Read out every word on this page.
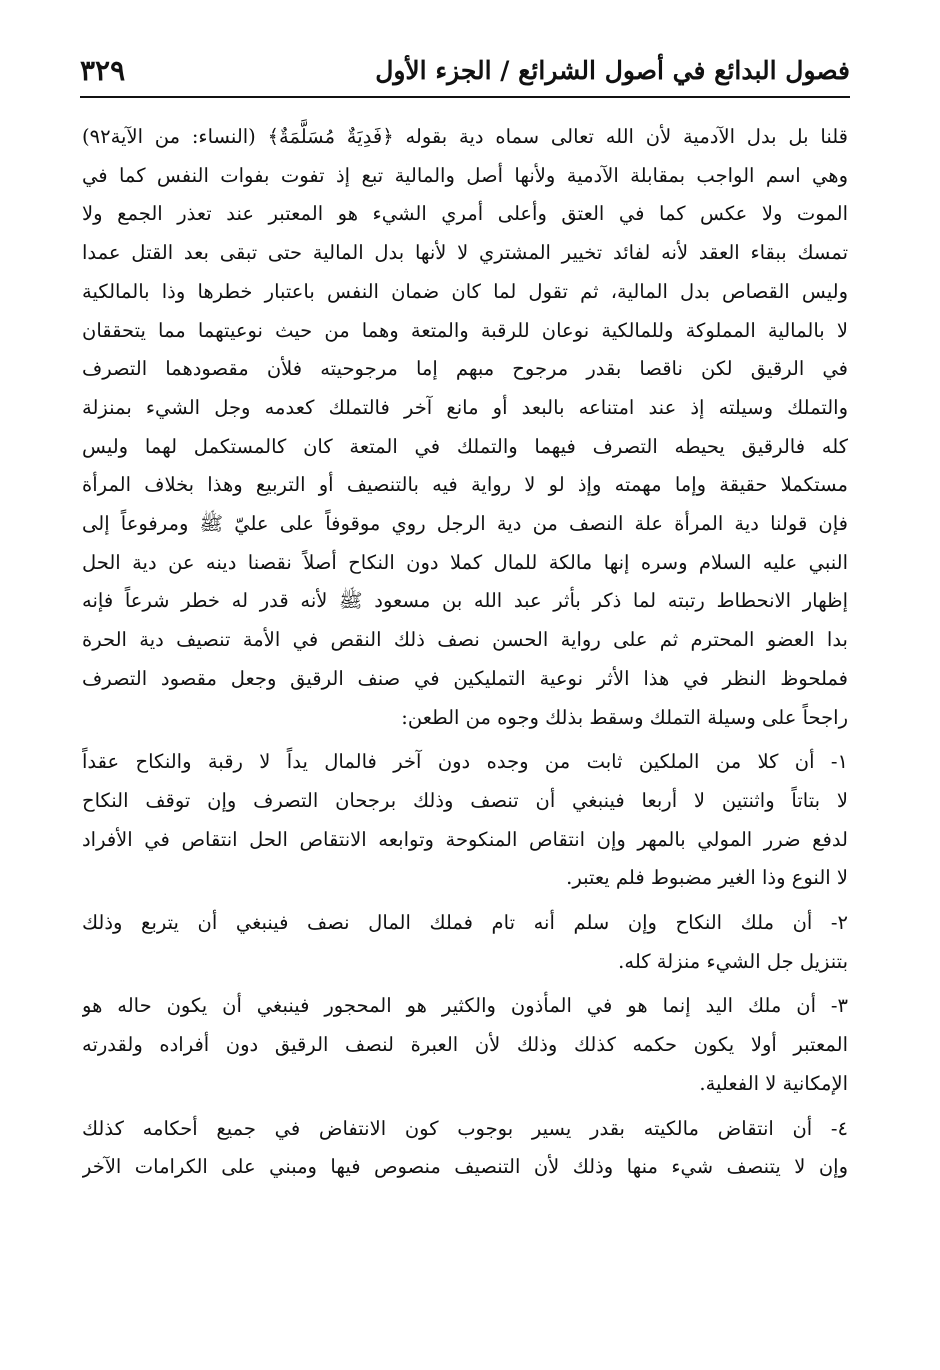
فصول البدائع في أصول الشرائع / الجزء الأول
٣٢٩
قلنا بل بدل الآدمية لأن الله تعالى سماه دية بقوله ﴿فَدِيَةٌ مُسَلَّمَةٌ﴾ (النساء: من الآية٩٢)
وهي اسم الواجب بمقابلة الآدمية ولأنها أصل والمالية تبع إذ تفوت بفوات النفس كما في
الموت ولا عكس كما في العتق وأعلى أمري الشيء هو المعتبر عند تعذر الجمع ولا
تمسك ببقاء العقد لأنه لفائد تخيير المشتري لا لأنها بدل المالية حتى تبقى بعد القتل عمدا
وليس القصاص بدل المالية، ثم تقول لما كان ضمان النفس باعتبار خطرها وذا بالمالكية
لا بالمالية المملوكة وللمالكية نوعان للرقبة والمتعة وهما من حيث نوعيتهما مما يتحققان
في الرقيق لكن ناقصا بقدر مرجوح مبهم إما مرجوحيته فلأن مقصودهما التصرف
والتملك وسيلته إذ عند امتناعه بالبعد أو مانع آخر فالتملك كعدمه وجل الشيء بمنزلة
كله فالرقيق يحيطه التصرف فيهما والتملك في المتعة كان كالمستكمل لهما وليس
مستكملا حقيقة وإما مهمته وإذ لو لا رواية فيه بالتنصيف أو التربيع وهذا بخلاف المرأة
فإن قولنا دية المرأة علة النصف من دية الرجل روي موقوفاً على عليّ ﷺ ومرفوعاً إلى
النبي عليه السلام وسره إنها مالكة للمال كملا دون النكاح أصلاً نقصنا دينه عن دية الحل
إظهار الانحطاط رتبته لما ذكر بأثر عبد الله بن مسعود ﷺ لأنه قدر له خطر شرعاً فإنه
بدا العضو المحترم ثم على رواية الحسن نصف ذلك النقص في الأمة تنصيف دية الحرة
فملحوظ النظر في هذا الأثر نوعية التمليكين في صنف الرقيق وجعل مقصود التصرف
راجحاً على وسيلة التملك وسقط بذلك وجوه من الطعن:
١- أن كلا من الملكين ثابت من وجده دون آخر فالمال يداً لا رقبة والنكاح عقداً
لا بتاتاً واثنتين لا أربعا فينبغي أن تنصف وذلك برجحان التصرف وإن توقف النكاح
لدفع ضرر المولي بالمهر وإن انتقاص المنكوحة وتوابعه الانتقاص الحل انتقاص في الأفراد
لا النوع وذا الغير مضبوط فلم يعتبر.
٢- أن ملك النكاح وإن سلم أنه تام فملك المال نصف فينبغي أن يتربع وذلك
بتنزيل جل الشيء منزلة كله.
٣- أن ملك اليد إنما هو في المأذون والكثير هو المحجور فينبغي أن يكون حاله هو
المعتبر أولا يكون حكمه كذلك وذلك لأن العبرة لنصف الرقيق دون أفراده ولقدرته
الإمكانية لا الفعلية.
٤- أن انتقاض مالكيته بقدر يسير بوجوب كون الانتفاض في جميع أحكامه كذلك
وإن لا يتنصف شيء منها وذلك لأن التنصيف منصوص فيها ومبني على الكرامات الآخر
